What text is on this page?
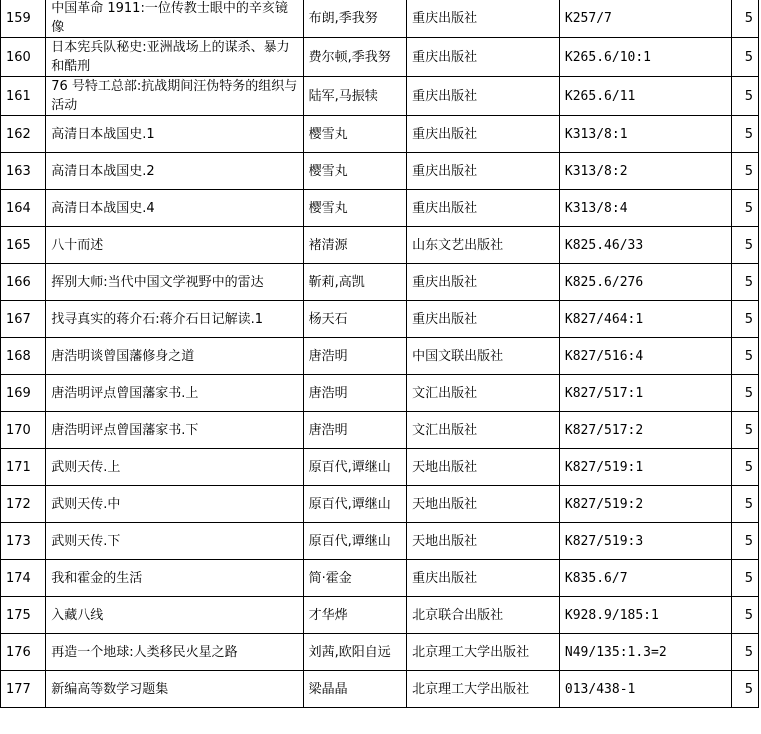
159	中国革命 1911:一位传教士眼中的辛亥镜像	布朗,季我努	重庆出版社	K257/7	5
160	日本宪兵队秘史:亚洲战场上的谋杀、暴力和酷刑	费尔顿,季我努	重庆出版社	K265.6/10:1	5
161	76 号特工总部:抗战期间汪伪特务的组织与活动	陆军,马振犊	重庆出版社	K265.6/11	5
162	高清日本战国史.1	樱雪丸	重庆出版社	K313/8:1	5
163	高清日本战国史.2	樱雪丸	重庆出版社	K313/8:2	5
164	高清日本战国史.4	樱雪丸	重庆出版社	K313/8:4	5
165	八十而述	褚清源	山东文艺出版社	K825.46/33	5
166	挥别大师:当代中国文学视野中的雷达	靳莉,高凯	重庆出版社	K825.6/276	5
167	找寻真实的蒋介石:蒋介石日记解读.1	杨天石	重庆出版社	K827/464:1	5
168	唐浩明谈曾国藩修身之道	唐浩明	中国文联出版社	K827/516:4	5
169	唐浩明评点曾国藩家书.上	唐浩明	文汇出版社	K827/517:1	5
170	唐浩明评点曾国藩家书.下	唐浩明	文汇出版社	K827/517:2	5
171	武则天传.上	原百代,谭继山	天地出版社	K827/519:1	5
172	武则天传.中	原百代,谭继山	天地出版社	K827/519:2	5
173	武则天传.下	原百代,谭继山	天地出版社	K827/519:3	5
174	我和霍金的生活	简·霍金	重庆出版社	K835.6/7	5
175	入藏八线	才华烨	北京联合出版社	K928.9/185:1	5
176	再造一个地球:人类移民火星之路	刘茜,欧阳自远	北京理工大学出版社	N49/135:1.3=2	5
177	新编高等数学习题集	梁晶晶	北京理工大学出版社	013/438-1	5
